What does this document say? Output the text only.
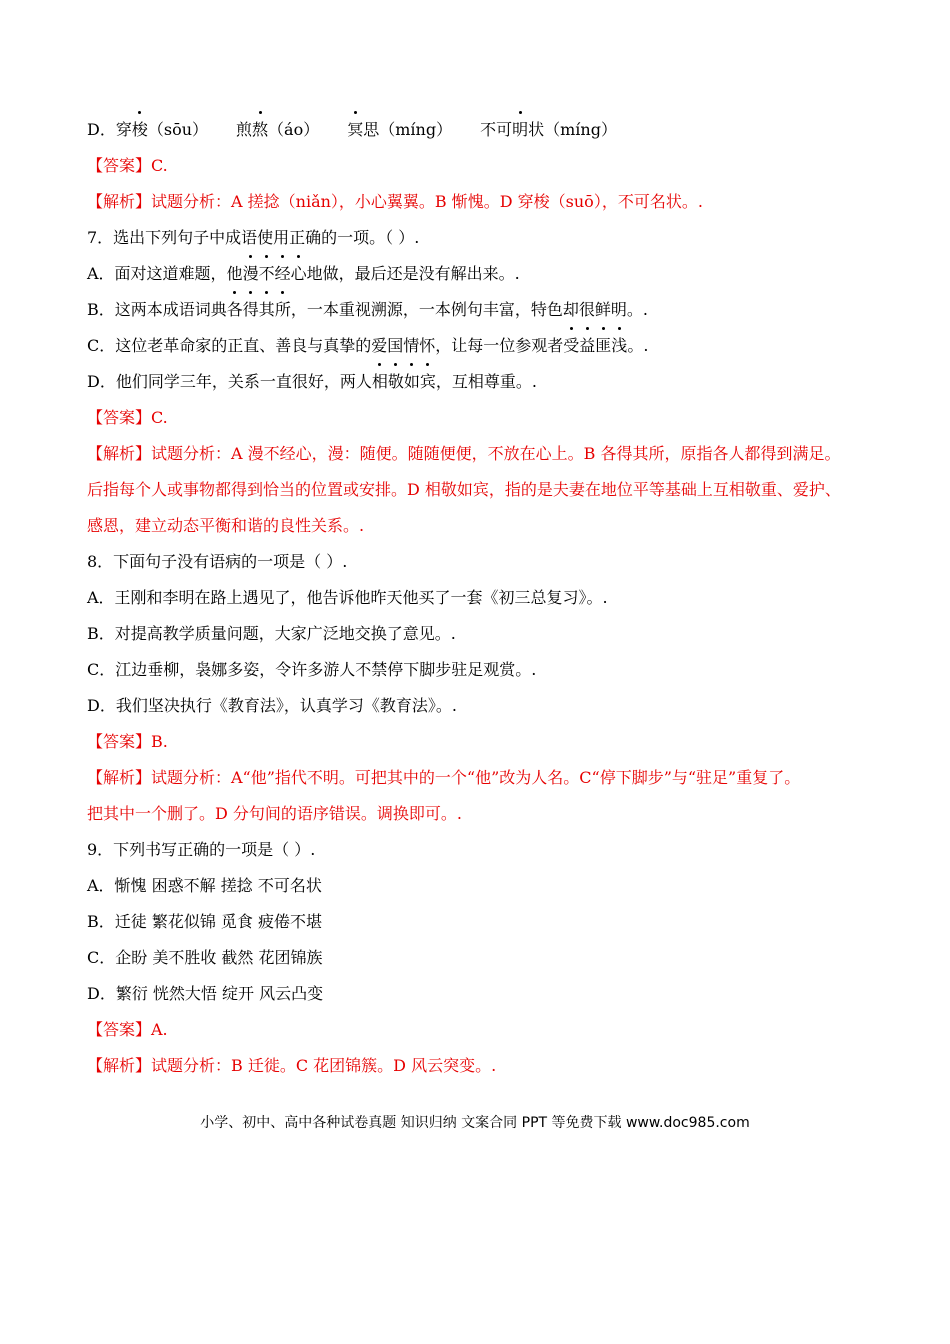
D．穿梭（sōu） 煎熬（áo） 冥思（míng） 不可明状（míng）
【答案】C.
【解析】试题分析：A 搓捻（niǎn），小心翼翼。B 惭愧。D 穿梭（suō），不可名状。.
7．选出下列句子中成语使用正确的一项。（ ）.
A．面对这道难题，他漫不经心地做，最后还是没有解出来。.
B．这两本成语词典各得其所，一本重视溯源，一本例句丰富，特色却很鲜明。.
C．这位老革命家的正直、善良与真挚的爱国情怀，让每一位参观者受益匪浅。.
D．他们同学三年，关系一直很好，两人相敬如宾，互相尊重。.
【答案】C.
【解析】试题分析：A 漫不经心，漫：随便。随随便便，不放在心上。B 各得其所，原指各人都得到满足。
后指每个人或事物都得到恰当的位置或安排。D 相敬如宾，指的是夫妻在地位平等基础上互相敬重、爱护、
感恩，建立动态平衡和谐的良性关系。.
8．下面句子没有语病的一项是（ ）.
A．王刚和李明在路上遇见了，他告诉他昨天他买了一套《初三总复习》。.
B．对提高教学质量问题，大家广泛地交换了意见。.
C．江边垂柳，袅娜多姿，令许多游人不禁停下脚步驻足观赏。.
D．我们坚决执行《教育法》，认真学习《教育法》。.
【答案】B.
【解析】试题分析：A“他”指代不明。可把其中的一个“他”改为人名。C“停下脚步”与“驻足”重复了。
把其中一个删了。D 分句间的语序错误。调换即可。.
9．下列书写正确的一项是（ ）.
A．惭愧 困惑不解 搓捻 不可名状
B．迁徒 繁花似锦 觅食 疲倦不堪
C．企盼 美不胜收 截然 花团锦族
D．繁衍 恍然大悟 绽开 风云凸变
【答案】A.
【解析】试题分析：B 迁徙。C 花团锦簇。D 风云突变。.
小学、初中、高中各种试卷真题 知识归纳 文案合同 PPT 等免费下载 www.doc985.com
